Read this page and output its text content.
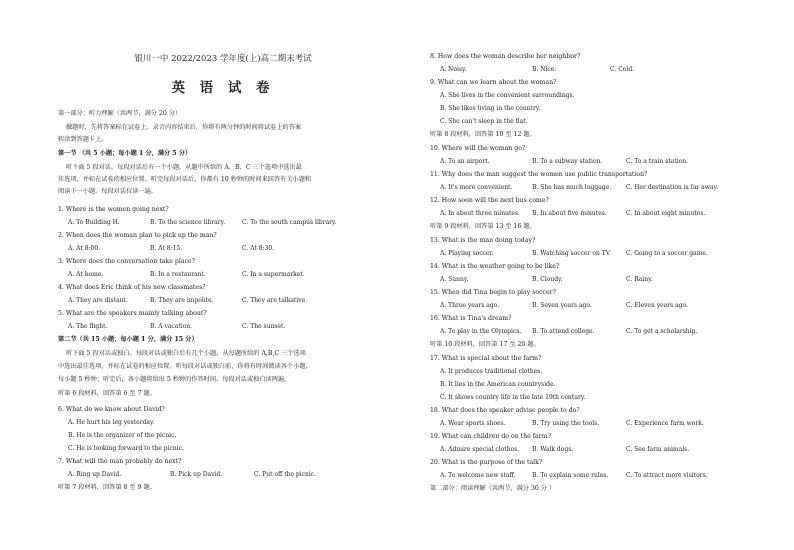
银川一中 2022/2023 学年度(上)高二期末考试
英 语 试 卷
第一部分：听力理解（共两节，满分 20 分）
做题时，先将答案标在试卷上。录音内容结束后，你将有两分钟的时间将试卷上的答案
转涂到答题卡上。
第一节 （共 5 小题；每小题 1 分，满分 5 分）
听下面 5 段对话。每段对话后有一个小题，从题中所给的 A、B、C 三个选项中选出最
佳选项，并标在试卷的相应位置。听完每段对话后，你都有 10 秒钟的时间来回答有关小题和
阅读下一小题。每段对话仅读一遍。
1. Where is the women going next?
A. To Building H.	B. To the science library.	C. To the south campus library.
2. When does the woman plan to pick up the man?
A. At 8:00.	B. At 8:15.	C. At 8:30.
3. Where does the conversation take place?
A. At home.	B. In a restaurant.	C. In a supermarket.
4. What does Eric think of his new classmates?
A. They are distant.	B. They are impolite.	C. They are talkative.
5. What are the speakers mainly talking about?
A. The flight.	B. A vacation.	C. The sunset.
第二节（共 15 小题；每小题 1 分，满分 15 分）
听下面 5 段对话或独白。每段对话或独白后有几个小题，从每题所给的 A,B,C 三个选项
中选出最佳选项，并标在试卷的相应位置。听每段对话或独白前，你将有时间阅读各个小题，
每小题 5 秒钟；听完后，各小题将给出 5 秒钟的作答时间。每段对话或独白读两遍。
听第 6 段材料，回答第 6 至 7 题。
6. What do we know about David?
A. He hurt his leg yesterday.
B. He is the organizer of the picnic.
C. He is looking forward to the picnic.
7. What will the man probably do next?
A. Ring up David.	B. Pick up David.	C. Put off the picnic.
听第 7 段材料，回答第 8 至 9 题。
8. How does the woman describe her neighbor?
A. Noisy.	B. Nice.	C. Cold.
9. What can we learn about the woman?
A. She lives in the convenient surroundings.
B. She likes living in the country.
C. She can't sleep in the flat.
听第 8 段材料，回答第 10 至 12 题。
10. Where will the woman go?
A. To an airport.	B. To a subway station.	C. To a train station.
11. Why does the man suggest the women use public transportation?
A. It's more convenient.	B. She has much luggage. C. Her destination is far away.
12. How soon will the next bus come?
A. In about three minutes. B. In about five minutes.	C. In about eight minutes.
听第 9 段材料，回答第 13 至 16 题。
13. What is the man doing today?
A. Playing soccer.	B. Watching soccer on TV.	C. Going to a soccer game.
14. What is the weather going to be like?
A. Sunny.	B. Cloudy.	C. Rainy.
15. When did Tina begin to play soccer?
A. Three years ago.	B. Seven years ago.	C. Eleven years ago.
16. What is Tina's dream?
A. To play in the Olympics. B. To attend college.	C. To get a scholarship.
听第 10 段材料，回答第 17 至 20 题。
17. What is special about the farm?
A. It produces traditional clothes.
B. It lies in the American countryside.
C. It shows country life in the late 19th century.
18. What does the speaker advise people to do?
A. Wear sports shoes.	B. Try using the tools.	C. Experience farm work.
19. What can children do on the farm?
A. Admire special clothes. B. Walk dogs.	C. See farm animals.
20. What is the purpose of the talk?
A. To welcome new staff.	B. To explain some rules.	C. To attract more visitors.
第二部分：阅读理解（共两节，满分 30 分 ）
